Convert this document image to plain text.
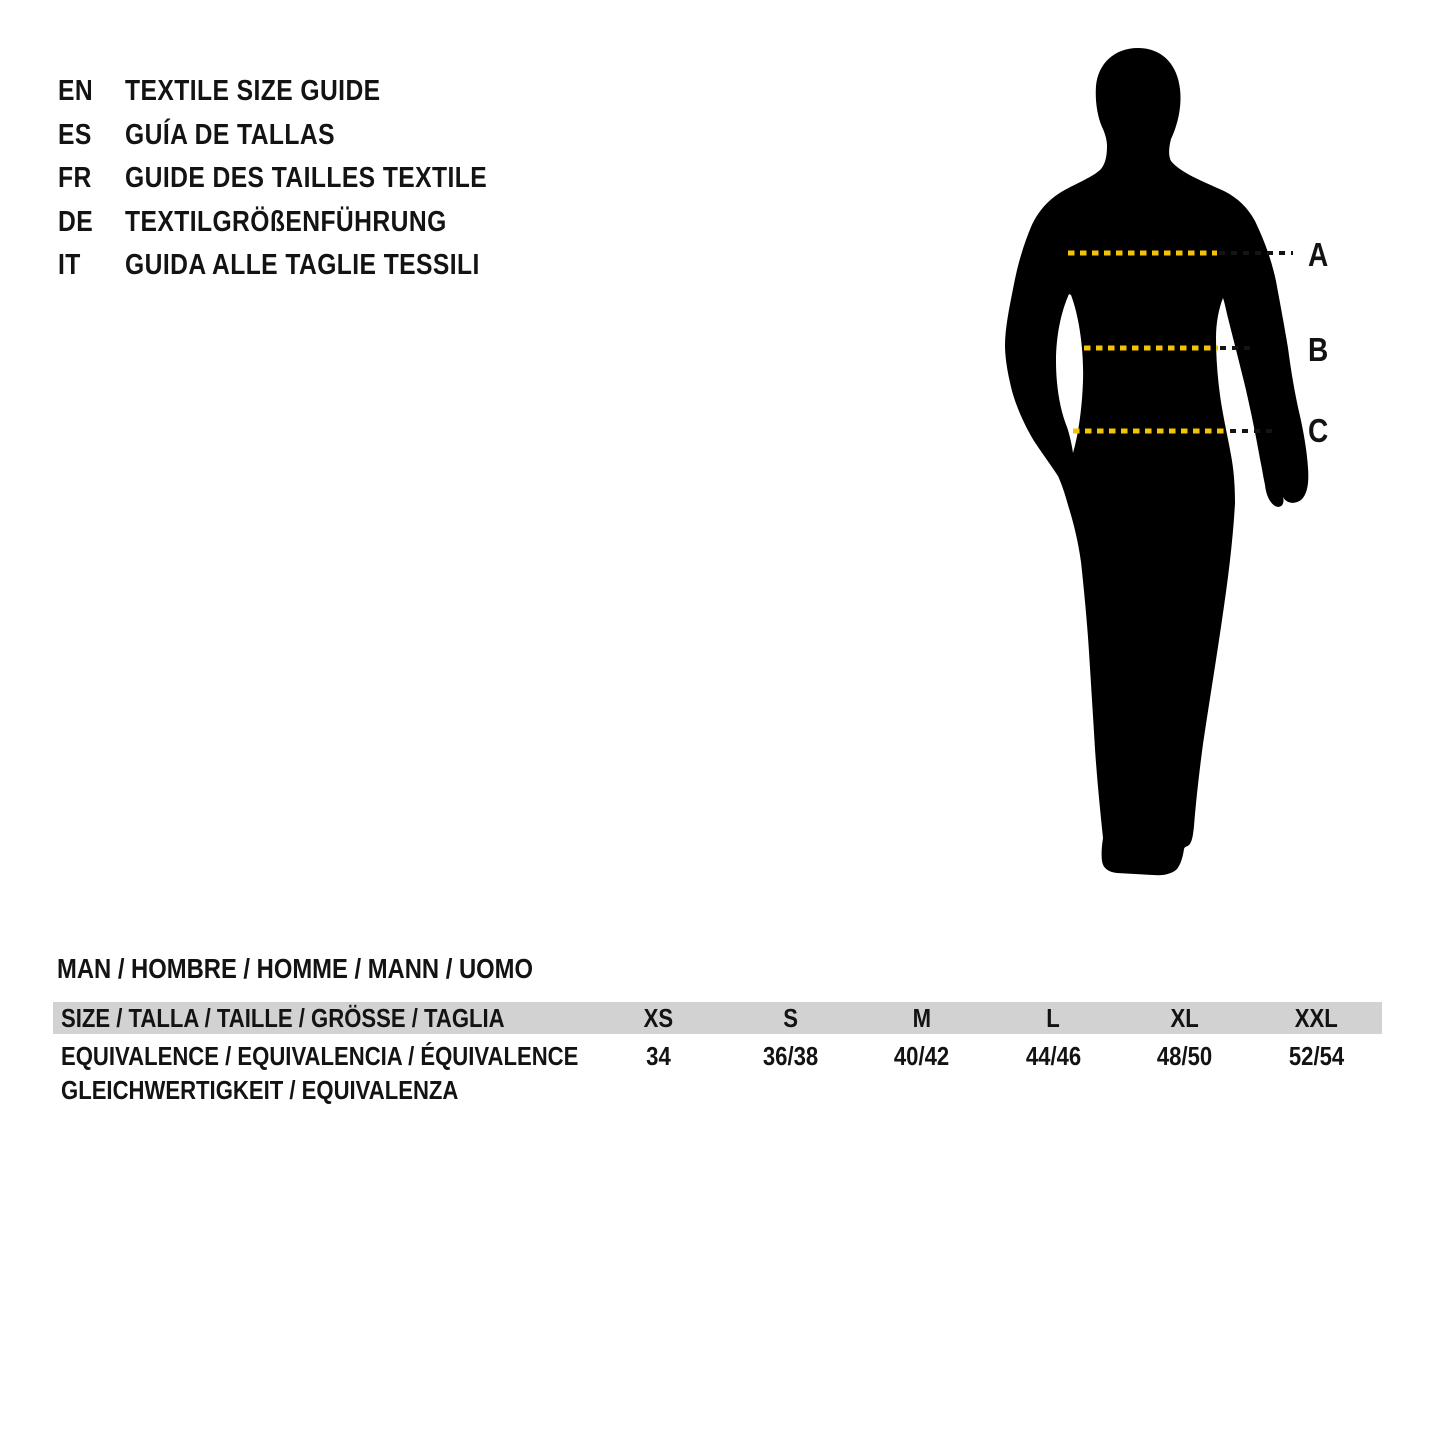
EN	TEXTILE SIZE GUIDE
ES	GUÍA DE TALLAS
FR	GUIDE DES TAILLES TEXTILE
DE	TEXTILGRÖßENFÜHRUNG
IT	GUIDA ALLE TAGLIE TESSILI	A
B
C
MAN / HOMBRE / HOMME / MANN / UOMO
SIZE / TALLA / TAILLE / GRÖSSE / TAGLIA	XS	S	M	L	XL	XXL
EQUIVALENCE / EQUIVALENCIA / ÉQUIVALENCE	34	36/38	40/42	44/46	48/50	52/54
GLEICHWERTIGKEIT / EQUIVALENZA
